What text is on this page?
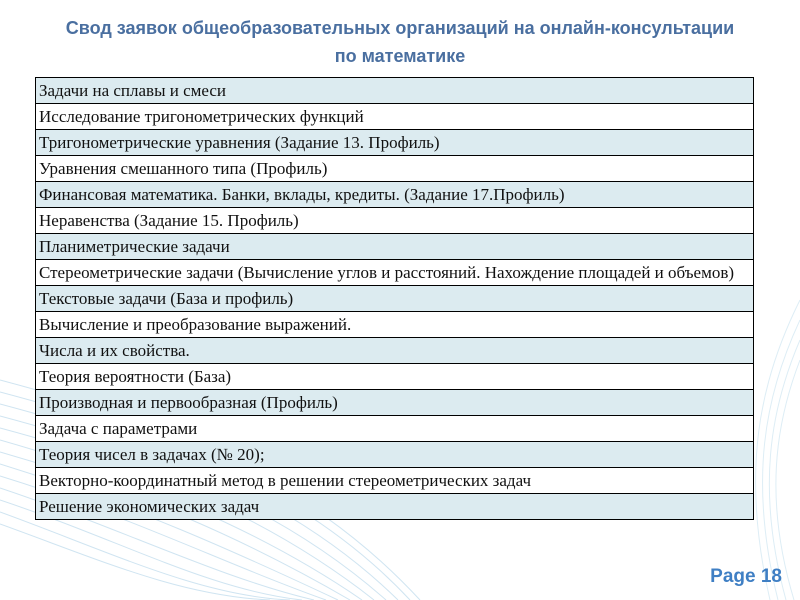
Свод заявок общеобразовательных организаций на онлайн-консультации по математике
Задачи на сплавы и смеси
Исследование тригонометрических функций
Тригонометрические уравнения (Задание 13. Профиль)
Уравнения смешанного типа (Профиль)
Финансовая математика. Банки, вклады, кредиты. (Задание 17.Профиль)
Неравенства (Задание 15. Профиль)
Планиметрические задачи
Стереометрические задачи (Вычисление углов и расстояний. Нахождение площадей и объемов)
Текстовые задачи (База и профиль)
Вычисление и преобразование выражений.
Числа и их свойства.
Теория вероятности (База)
Производная и первообразная (Профиль)
Задача с параметрами
Теория чисел в задачах (№ 20);
Векторно-координатный метод в решении стереометрических задач
Решение экономических задач
Page 18
